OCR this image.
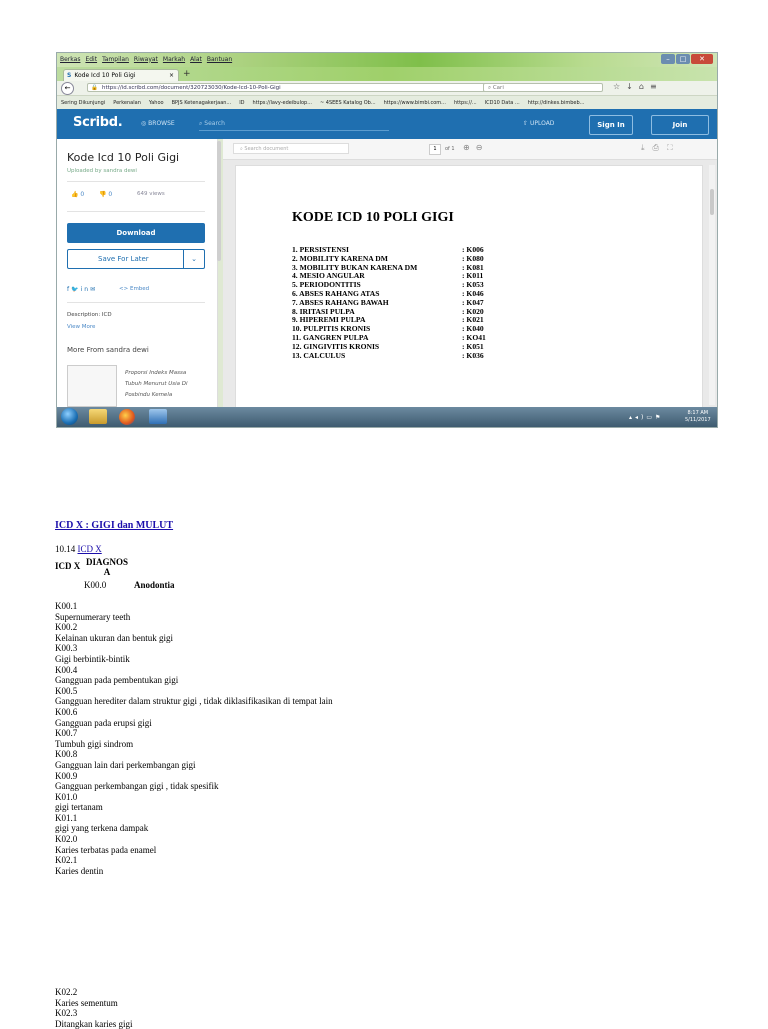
Berkas Edit Tampilan Riwayat Markah Alat Bantuan	–	□	✕
S Kode Icd 10 Poli Gigi	× +
←	🔒 https://id.scribd.com/document/320723030/Kode-Icd-10-Poli-Gigi	⌕ Cari	☆↓⌂≡
Sering Dikunjungi Perkenalan Yahoo BPJS Ketenagakerjaan... ID https://lavy-edeibulop... ~ 4SEES Katalog Ob... https://www.bimbi.com... https://... ICD10 Data ... http://dinkes.bimbeb...
Scribd.	◎ BROWSE	⌕ Search	⇧ UPLOAD	Sign In	Join
Kode Icd 10 Poli Gigi
Uploaded by sandra dewi
👍 0 👎 0	649 views
Download
Save For Later	⌄
f🐦in✉	<> Embed
Description: ICD
View More
More From sandra dewi
Proporsi Indeks Massa
Tubuh Menurut Usia Di
Posbindu Kemela
⌕ Search document	1	of 1 ⊕⊖	⤓⎙⛶
KODE ICD 10 POLI GIGI
1. PERSISTENSI	: K006
2. MOBILITY KARENA DM	: K080
3. MOBILITY BUKAN KARENA DM	: K081
4. MESIO ANGULAR	: K011
5. PERIODONTITIS	: K053
6. ABSES RAHANG ATAS	: K046
7. ABSES RAHANG BAWAH	: K047
8. IRITASI PULPA	: K020
9. HIPEREMI PULPA	: K021
10. PULPITIS KRONIS	: K040
11. GANGREN PULPA	: KO41
12. GINGIVITIS KRONIS	: K051
13. CALCULUS	: K036
▴◂)▭⚑
8:17 AM
5/11/2017
ICD X : GIGI dan MULUT
10.14 ICD X
ICD X DIAGNOS
A
K00.0	Anodontia
K00.1
Supernumerary teeth
K00.2
Kelainan ukuran dan bentuk gigi
K00.3
Gigi berbintik-bintik
K00.4
Gangguan pada pembentukan gigi
K00.5
Gangguan herediter dalam struktur gigi , tidak diklasifikasikan di tempat lain
K00.6
Gangguan pada erupsi gigi
K00.7
Tumbuh gigi sindrom
K00.8
Gangguan lain dari perkembangan gigi
K00.9
Gangguan perkembangan gigi , tidak spesifik
K01.0
gigi tertanam
K01.1
gigi yang terkena dampak
K02.0
Karies terbatas pada enamel
K02.1
Karies dentin
K02.2
Karies sementum
K02.3
Ditangkan karies gigi
